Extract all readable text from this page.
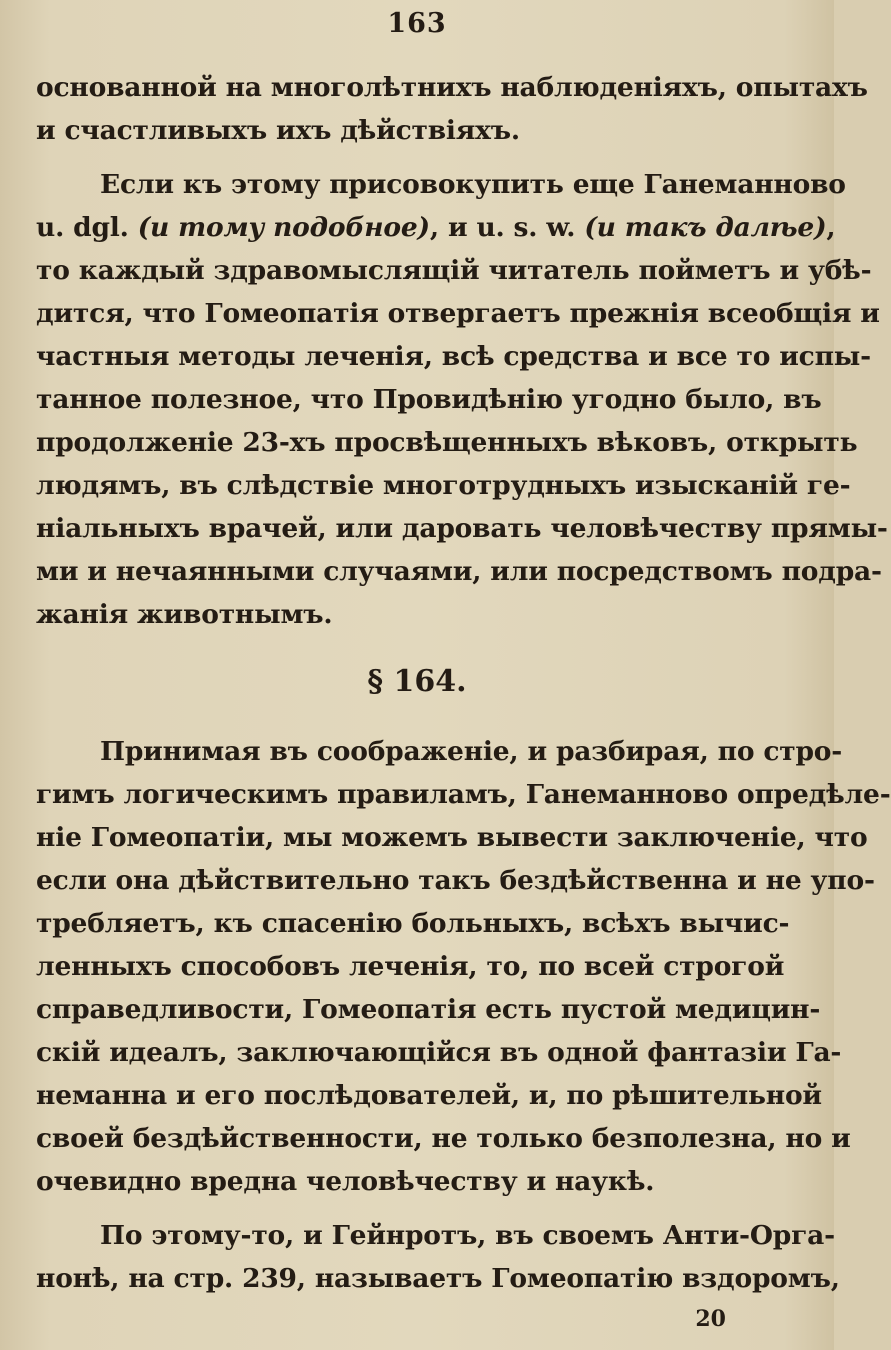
163

основанной на многолѣтнихъ наблюденіяхъ, опытахъ
и счастливыхъ ихъ дѣйствіяхъ.

Если къ этому присовокупить еще Ганеманново
u. dgl. (и тому подобное), и u. s. w. (и такъ далѣе),
то каждый здравомыслящій читатель пойметъ и убѣ-
дится, что Гомеопатія отвергаетъ прежнія всеобщія и
частныя методы леченія, всѣ средства и все то испы-
танное полезное, что Провидѣнію угодно было, въ
продолженіе 23-хъ просвѣщенныхъ вѣковъ, открыть
людямъ, въ слѣдствіе многотрудныхъ изысканій ге-
ніальныхъ врачей, или даровать человѣчеству прямы-
ми и нечаянными случаями, или посредствомъ подра-
жанія животнымъ.

§ 164.

Принимая въ соображеніе, и разбирая, по стро-
гимъ логическимъ правиламъ, Ганеманново опредѣле-
ніе Гомеопатіи, мы можемъ вывести заключеніе, что
если она дѣйствительно такъ бездѣйственна и не упо-
требляетъ, къ спасенію больныхъ, всѣхъ вычис-
ленныхъ способовъ леченія, то, по всей строгой
справедливости, Гомеопатія есть пустой медицин-
скій идеалъ, заключающійся въ одной фантазіи Га-
неманна и его послѣдователей, и, по рѣшительной
своей бездѣйственности, не только безполезна, но и
очевидно вредна человѣчеству и наукѣ.

По этому-то, и Гейнротъ, въ своемъ Анти-Орга-
нонѣ, на стр. 239, называетъ Гомеопатію вздоромъ,

20
